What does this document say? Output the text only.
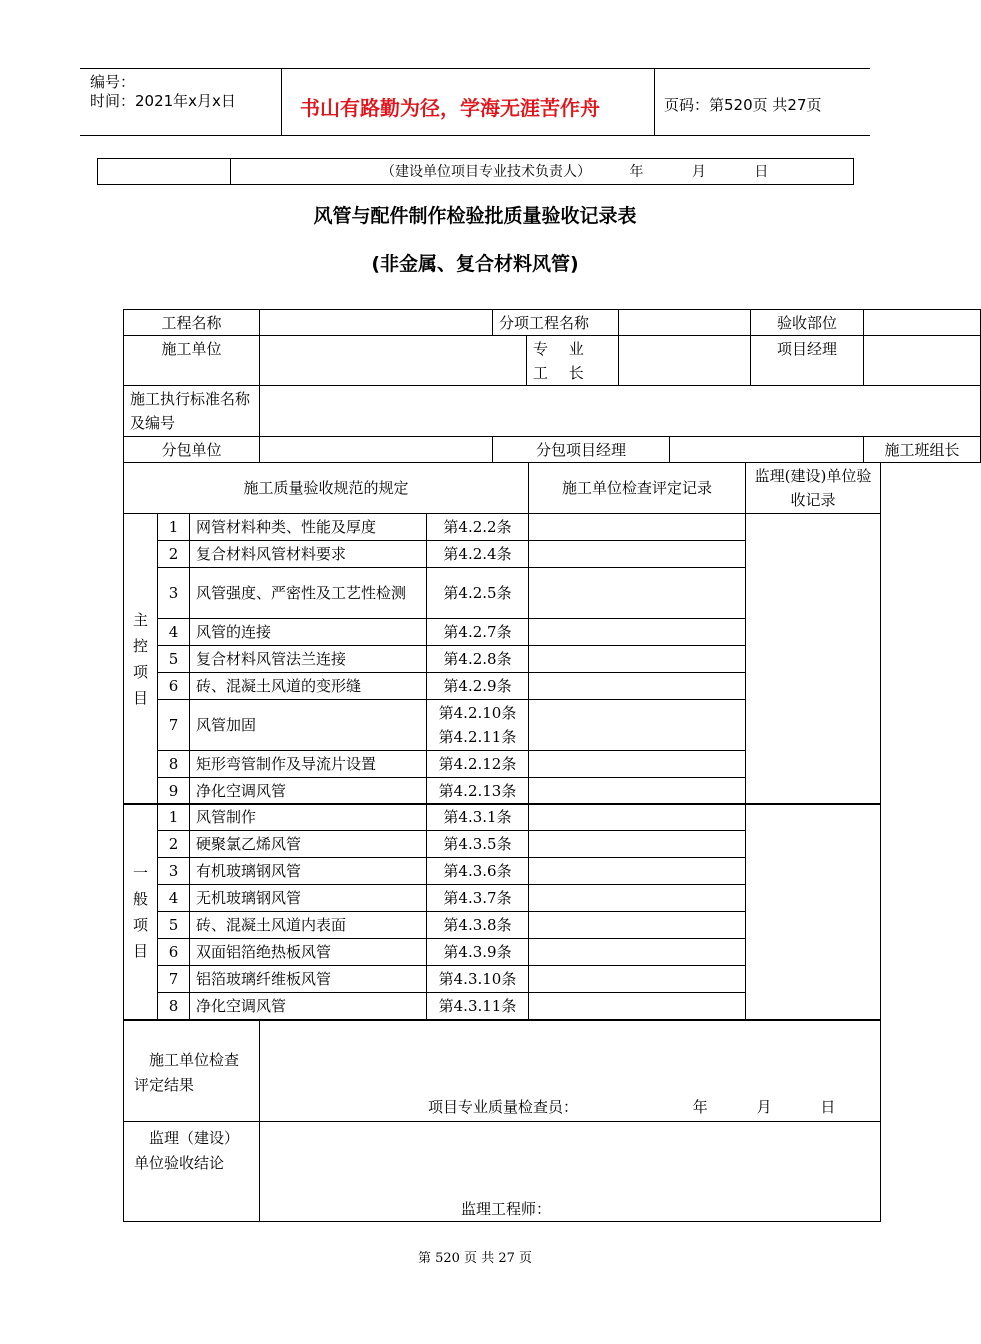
编号：
时间：2021年x月x日	书山有路勤为径，学海无涯苦作舟	页码：第520页 共27页
	（建设单位项目专业技术负责人）	年	月	日
风管与配件制作检验批质量验收记录表
(非金属、复合材料风管)
工程名称		分项工程名称				验收部位		
施工单位			专 业 工 长			项目经理		
施工执行标准名称及编号								
分包单位		分包项目经理					施工班组长	
施工质量验收规范的规定				施工单位检查评定记录	监理(建设)单位验收记录
主控项目	1	网管材料种类、性能及厚度	第4.2.2条		
	2	复合材料风管材料要求	第4.2.4条		
	3	风管强度、严密性及工艺性检测	第4.2.5条		
	4	风管的连接	第4.2.7条		
	5	复合材料风管法兰连接	第4.2.8条		
	6	砖、混凝土风道的变形缝	第4.2.9条		
	7	风管加固	第4.2.10条
第4.2.11条		

	8	矩形弯管制作及导流片设置	第4.2.12条		
	9	净化空调风管	第4.2.13条		
一般项目	1	风管制作	第4.3.1条		
	2	硬聚氯乙烯风管	第4.3.5条		
	3	有机玻璃钢风管	第4.3.6条		
	4	无机玻璃钢风管	第4.3.7条		
	5	砖、混凝土风道内表面	第4.3.8条		
	6	双面铝箔绝热板风管	第4.3.9条		
	7	铝箔玻璃纤维板风管	第4.3.10条		
	8	净化空调风管	第4.3.11条		
施工单位检查评定结果	项目专业质量检查员： 年 月 日

监理（建设）单位验收结论	监理工程师：
第 520 页 共 27 页
